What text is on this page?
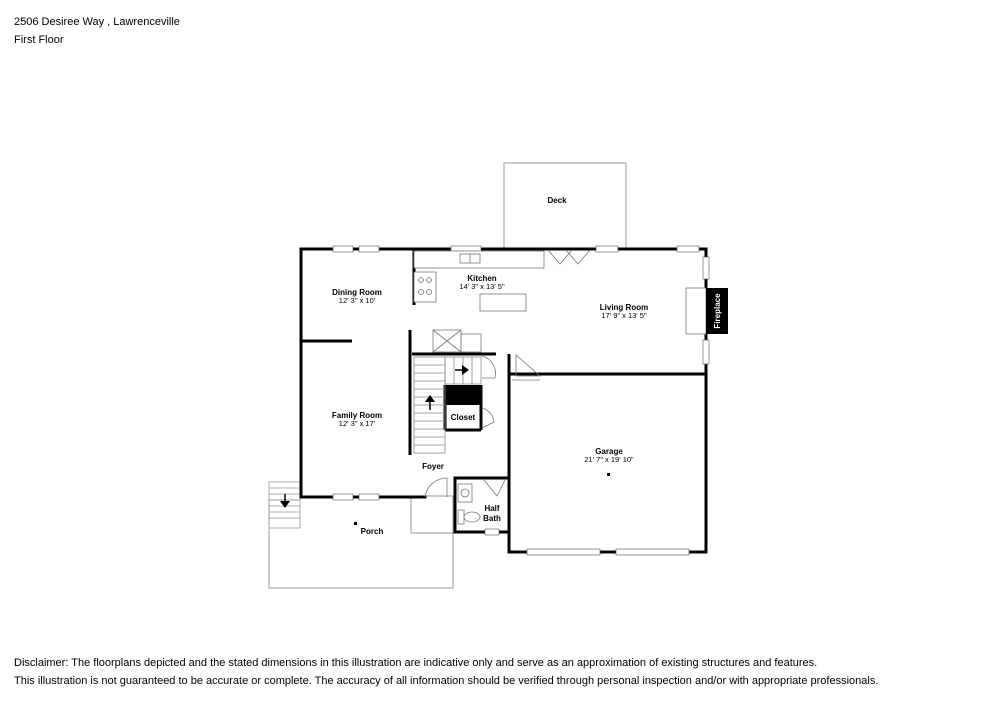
2506 Desiree Way , Lawrenceville
First Floor
Deck
Dining Room
12' 3" x 10'
Kitchen
14' 3" x 13' 5"
Living Room
17' 9" x 13' 5"	Fireplace
Family Room
12' 3" x 17'
Closet
Garage
21' 7" x 19' 10"
Foyer
Half
Bath
Porch
Disclaimer: The floorplans depicted and the stated dimensions in this illustration are indicative only and serve as an approximation of existing structures and features.
This illustration is not guaranteed to be accurate or complete. The accuracy of all information should be verified through personal inspection and/or with appropriate professionals.
